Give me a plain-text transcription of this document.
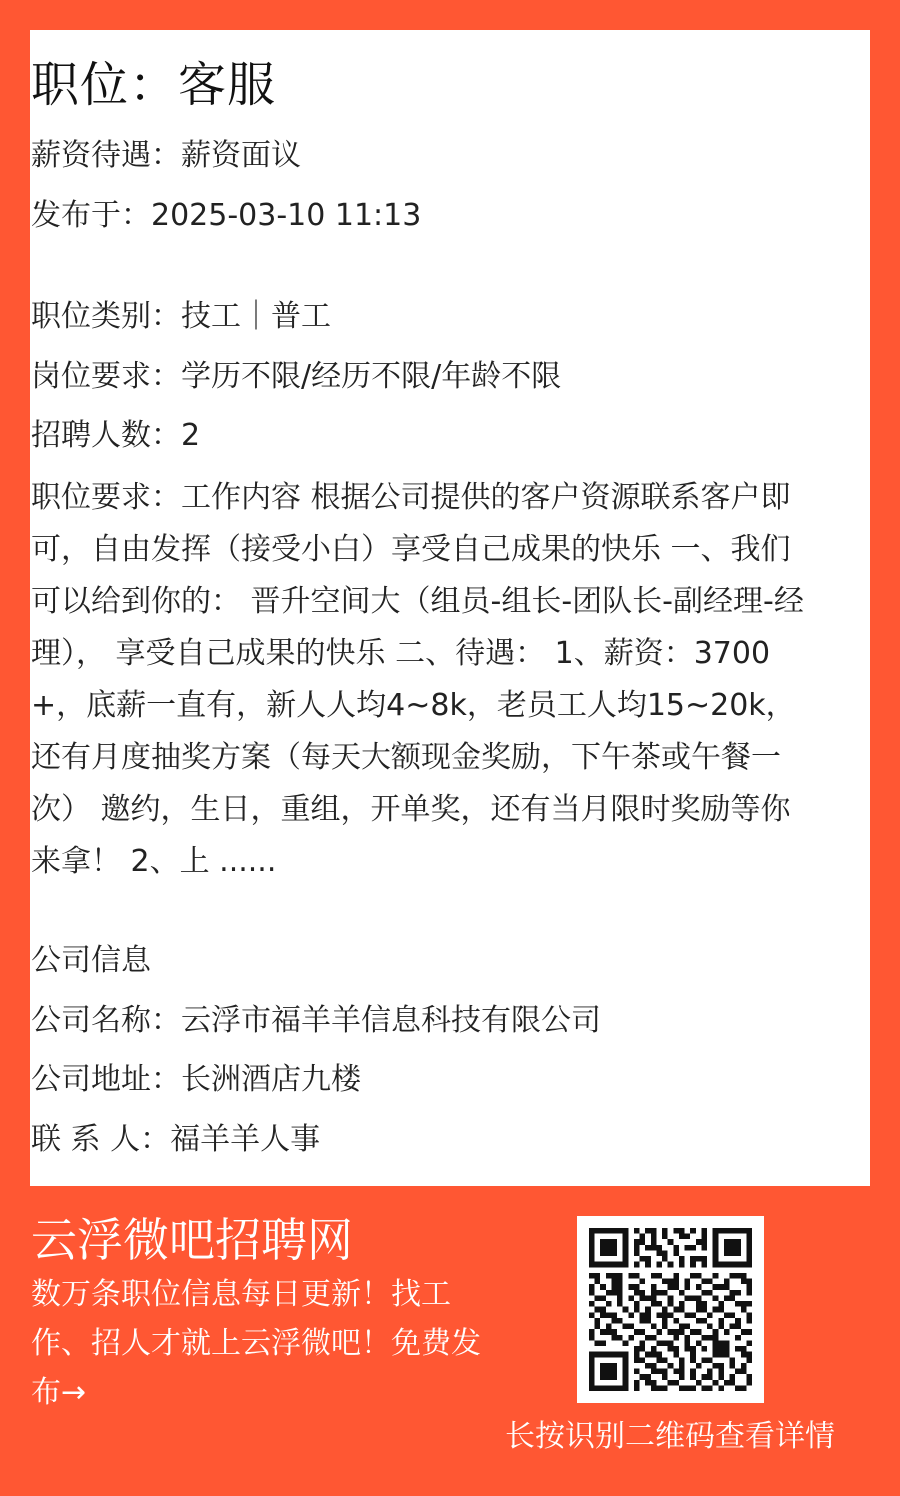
职位：客服
薪资待遇：薪资面议
发布于：2025-03-10 11:13
职位类别：技工｜普工
岗位要求：学历不限/经历不限/年龄不限
招聘人数：2
职位要求：工作内容 根据公司提供的客户资源联系客户即可，自由发挥（接受小白）享受自己成果的快乐 一、我们可以给到你的： 晋升空间大（组员-组长-团队长-副经理-经理）， 享受自己成果的快乐 二、待遇： 1、薪资：3700+，底薪一直有，新人人均4~8k，老员工人均15~20k，还有月度抽奖方案（每天大额现金奖励，下午茶或午餐一次） 邀约，生日，重组，开单奖，还有当月限时奖励等你来拿！ 2、上 ......
公司信息
公司名称：云浮市福羊羊信息科技有限公司
公司地址：长洲酒店九楼
联 系 人：福羊羊人事
云浮微吧招聘网
数万条职位信息每日更新！找工作、招人才就上云浮微吧！免费发布→
长按识别二维码查看详情
